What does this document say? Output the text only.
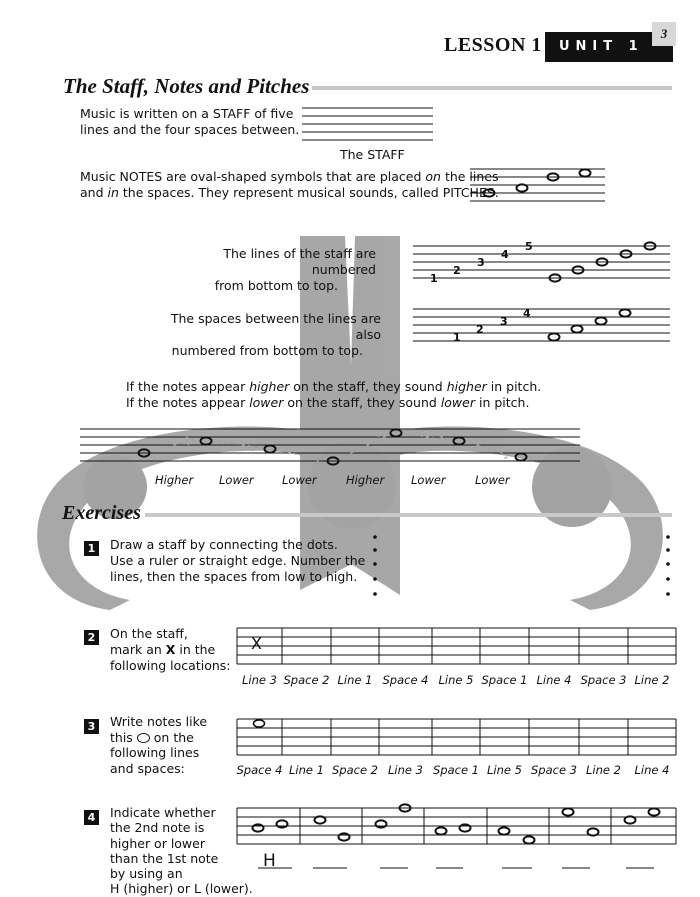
LESSON 1	UNIT 1
3
The Staff, Notes and Pitches
Music is written on a STAFF of five
lines and the four spaces between.
The STAFF
Music NOTES are oval-shaped symbols that are placed on the lines
and in the spaces. They represent musical sounds, called PITCHES.
The lines of the staff are numbered
from bottom to top.
The spaces between the lines are also
numbered from bottom to top.
If the notes appear higher on the staff, they sound higher in pitch.
If the notes appear lower on the staff, they sound lower in pitch.
Higher Lower Lower	Higher Lower	Lower
Exercises
1 Draw a staff by connecting the dots.
Use a ruler or straight edge. Number the
lines, then the spaces from low to high.
2 On the staff,
mark an X in the
following locations:
X
Line 3 Space 2 Line 1 Space 4 Line 5 Space 1 Line 4 Space 3 Line 2
3 Write notes like
this  on the
following lines
and spaces:	Space 4 Line 1 Space 2 Line 3 Space 1 Line 5 Space 3 Line 2	Line 4
4 Indicate whether
the 2nd note is
higher or lower
than the 1st note
by using an
H (higher) or L (lower).
H
1
2
3
4
5
1
2
3
4
